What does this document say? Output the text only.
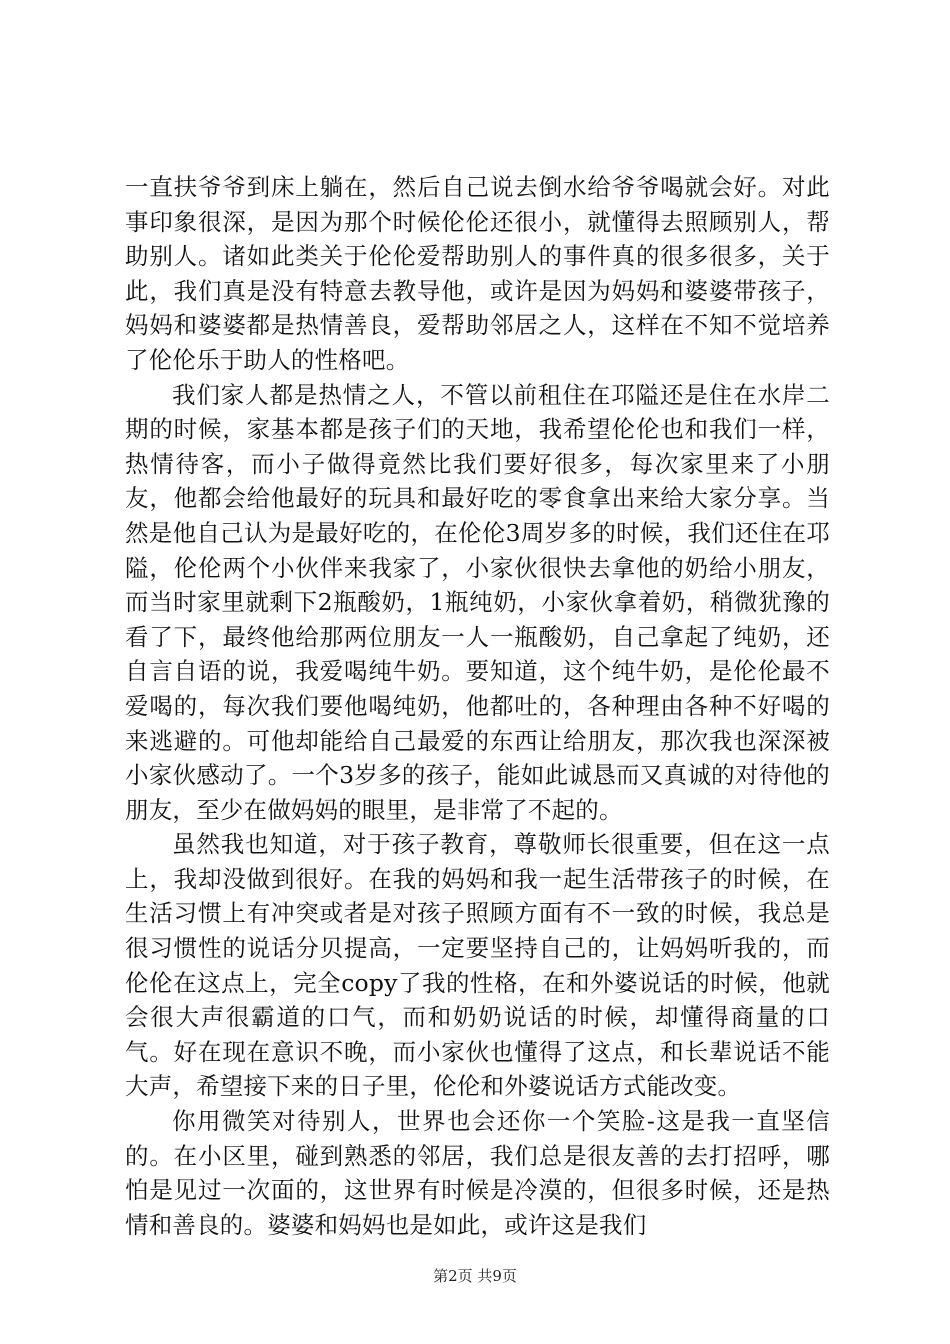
一直扶爷爷到床上躺在，然后自己说去倒水给爷爷喝就会好。对此事印象很深，是因为那个时候伦伦还很小，就懂得去照顾别人，帮助别人。诸如此类关于伦伦爱帮助别人的事件真的很多很多，关于此，我们真是没有特意去教导他，或许是因为妈妈和婆婆带孩子，妈妈和婆婆都是热情善良，爱帮助邻居之人，这样在不知不觉培养了伦伦乐于助人的性格吧。

我们家人都是热情之人，不管以前租住在邛隘还是住在水岸二期的时候，家基本都是孩子们的天地，我希望伦伦也和我们一样，热情待客，而小子做得竟然比我们要好很多，每次家里来了小朋友，他都会给他最好的玩具和最好吃的零食拿出来给大家分享。当然是他自己认为是最好吃的，在伦伦3周岁多的时候，我们还住在邛隘，伦伦两个小伙伴来我家了，小家伙很快去拿他的奶给小朋友，而当时家里就剩下2瓶酸奶，1瓶纯奶，小家伙拿着奶，稍微犹豫的看了下，最终他给那两位朋友一人一瓶酸奶，自己拿起了纯奶，还自言自语的说，我爱喝纯牛奶。要知道，这个纯牛奶，是伦伦最不爱喝的，每次我们要他喝纯奶，他都吐的，各种理由各种不好喝的来逃避的。可他却能给自己最爱的东西让给朋友，那次我也深深被小家伙感动了。一个3岁多的孩子，能如此诚恳而又真诚的对待他的朋友，至少在做妈妈的眼里，是非常了不起的。

虽然我也知道，对于孩子教育，尊敬师长很重要，但在这一点上，我却没做到很好。在我的妈妈和我一起生活带孩子的时候，在生活习惯上有冲突或者是对孩子照顾方面有不一致的时候，我总是很习惯性的说话分贝提高，一定要坚持自己的，让妈妈听我的，而伦伦在这点上，完全copy了我的性格，在和外婆说话的时候，他就会很大声很霸道的口气，而和奶奶说话的时候，却懂得商量的口气。好在现在意识不晚，而小家伙也懂得了这点，和长辈说话不能大声，希望接下来的日子里，伦伦和外婆说话方式能改变。

你用微笑对待别人，世界也会还你一个笑脸-这是我一直坚信的。在小区里，碰到熟悉的邻居，我们总是很友善的去打招呼，哪怕是见过一次面的，这世界有时候是冷漠的，但很多时候，还是热情和善良的。婆婆和妈妈也是如此，或许这是我们

第2页 共9页
